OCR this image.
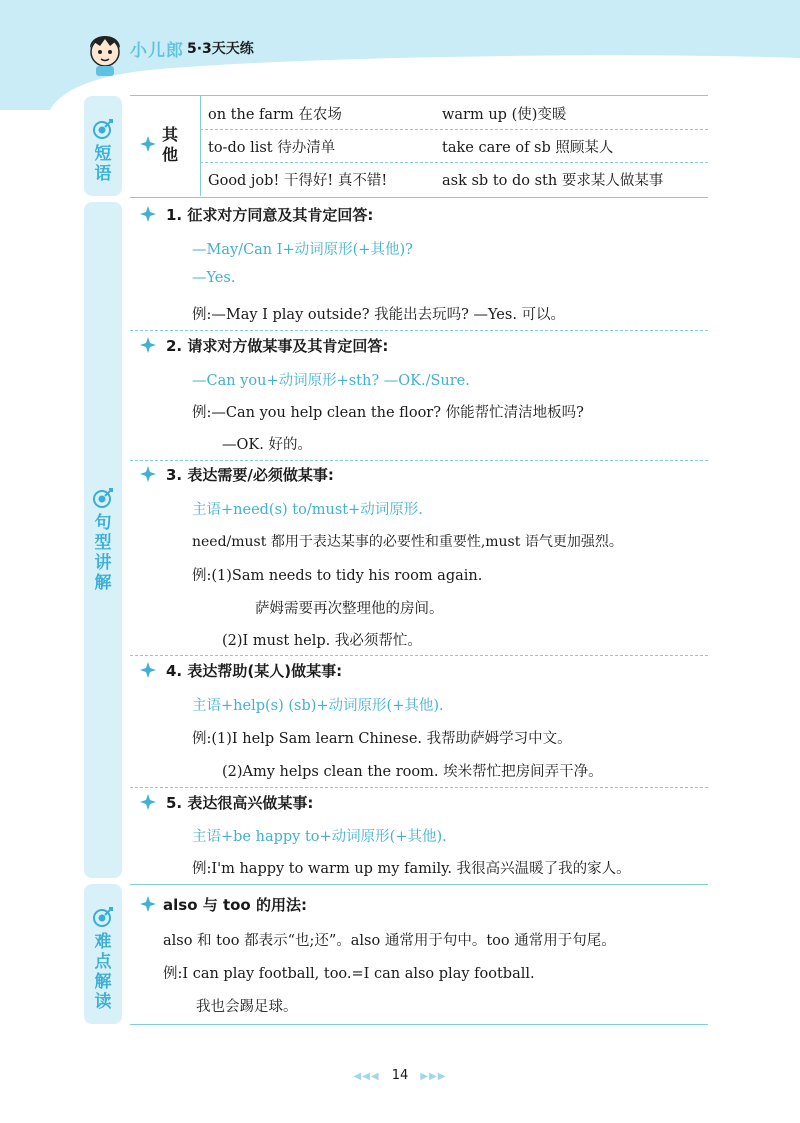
小儿郎 5·3天天练
短语
句型讲解
难点解读
其他
on the farm 在农场	warm up (使)变暖
to-do list 待办清单	take care of sb 照顾某人
Good job! 干得好! 真不错!	ask sb to do sth 要求某人做某事
1. 征求对方同意及其肯定回答:
—May/Can I+动词原形(+其他)?
—Yes.
例:—May I play outside? 我能出去玩吗? —Yes. 可以。
2. 请求对方做某事及其肯定回答:
—Can you+动词原形+sth? —OK./Sure.
例:—Can you help clean the floor? 你能帮忙清洁地板吗?
—OK. 好的。
3. 表达需要/必须做某事:
主语+need(s) to/must+动词原形.
need/must 都用于表达某事的必要性和重要性,must 语气更加强烈。
例:(1)Sam needs to tidy his room again.
萨姆需要再次整理他的房间。
(2)I must help. 我必须帮忙。
4. 表达帮助(某人)做某事:
主语+help(s) (sb)+动词原形(+其他).
例:(1)I help Sam learn Chinese. 我帮助萨姆学习中文。
(2)Amy helps clean the room. 埃米帮忙把房间弄干净。
5. 表达很高兴做某事:
主语+be happy to+动词原形(+其他).
例:I'm happy to warm up my family. 我很高兴温暖了我的家人。
also 与 too 的用法:
also 和 too 都表示“也;还”。also 通常用于句中。too 通常用于句尾。
例:I can play football, too.=I can also play football.
我也会踢足球。
◀◀◀ 14 ▶▶▶
